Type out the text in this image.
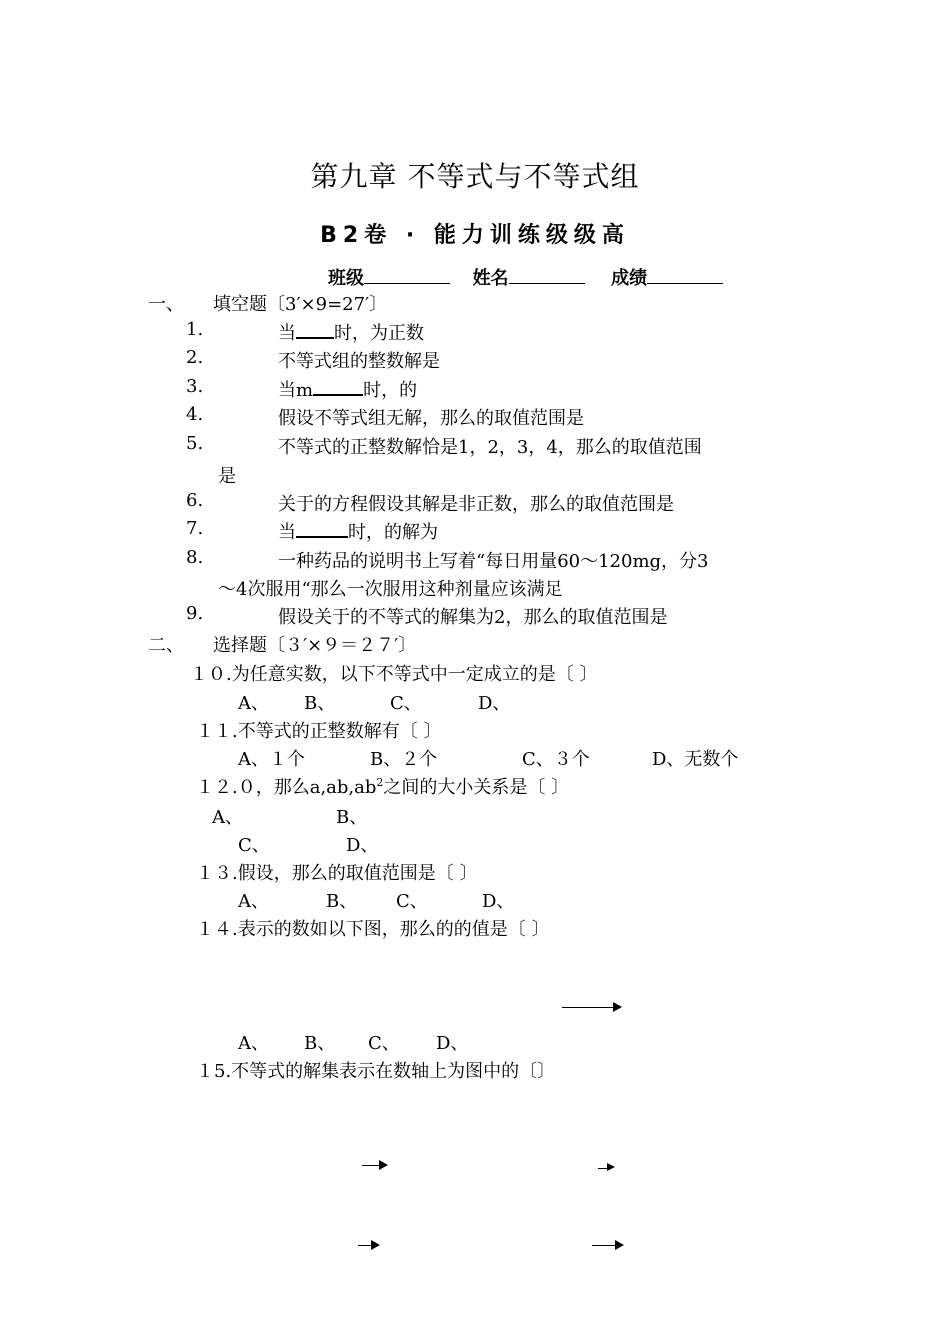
第九章 不等式与不等式组
B2卷 · 能力训练级级高
班级	姓名	成绩
一、 填空题〔3′×9=27′〕
1.	当 时，为正数
2.	不等式组的整数解是
3.	当m	时，的
4.	假设不等式组无解，那么的取值范围是
5.	不等式的正整数解恰是1，2，3，4，那么的取值范围
是
6.	关于的方程假设其解是非正数，那么的取值范围是
7.	当	时，的解为
8.	一种药品的说明书上写着“每日用量60～120mg，分3
～4次服用“那么一次服用这种剂量应该满足
9.	假设关于的不等式的解集为2，那么的取值范围是
二、 选择题〔３′×９＝２７′〕
１０.为任意实数，以下不等式中一定成立的是〔 〕
A、 B、	C、	D、
１１.不等式的正整数解有〔 〕
A、１个	B、２个	C、３个	D、无数个
１２.０，那么$a,ab,ab^2$之间的大小关系是〔 〕
A、	B、
C、	D、
１３.假设，那么的取值范围是〔 〕
A、	B、 C、	D、
１４.表示的数如以下图，那么的的值是〔 〕
A、 B、 C、 D、
１5.不等式的解集表示在数轴上为图中的〔〕
